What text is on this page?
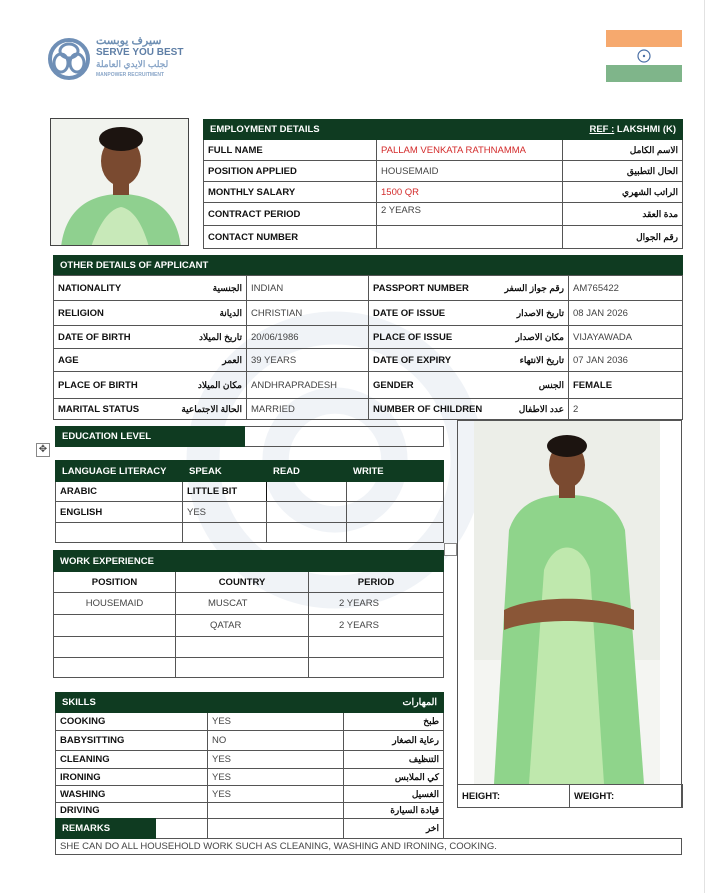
سيرف يوبست
SERVE YOU BEST
لجلب الايدي العاملة
MANPOWER RECRUITMENT
EMPLOYMENT DETAILS		REF : LAKSHMI (K)
FULL NAME	PALLAM VENKATA RATHNAMMA	الاسم الكامل
POSITION APPLIED	HOUSEMAID	الحال التطبيق
MONTHLY SALARY	1500 QR	الراتب الشهري
CONTRACT PERIOD	2 YEARS	مدة العقد
CONTACT NUMBER		رقم الجوال
OTHER DETAILS OF APPLICANT	
NATIONALITY الجنسية	INDIAN	PASSPORT NUMBER رقم جواز السفر	AM765422

RELIGION الديانة	CHRISTIAN	DATE OF ISSUE تاريخ الاصدار	08 JAN 2026

DATE OF BIRTH تاريخ الميلاد	20/06/1986	PLACE OF ISSUE مكان الاصدار	VIJAYAWADA

AGE العمر	39 YEARS	DATE OF EXPIRY تاريخ الانتهاء	07 JAN 2036

PLACE OF BIRTH مكان الميلاد	ANDHRAPRADESH	GENDER الجنس	FEMALE

MARITAL STATUS الحالة الاجتماعية	MARRIED	NUMBER OF CHILDREN عدد الاطفال	2
✥
EDUCATION LEVEL	
LANGUAGE LITERACY	SPEAK	READ	WRITE
ARABIC	LITTLE BIT		
ENGLISH	YES		

WORK EXPERIENCE		
POSITION	COUNTRY	PERIOD
HOUSEMAID	MUSCAT	2 YEARS
	QATAR	2 YEARS

SKILLS		المهارات
COOKING	YES	طبخ
BABYSITTING	NO	رعاية الصغار
CLEANING	YES	التنظيف
IRONING	YES	كي الملابس
WASHING	YES	الغسيل
DRIVING		قيادة السيارة
REMARKS			اخر	
SHE CAN DO ALL HOUSEHOLD WORK SUCH AS CLEANING, WASHING AND IRONING, COOKING.
HEIGHT:	WEIGHT:
